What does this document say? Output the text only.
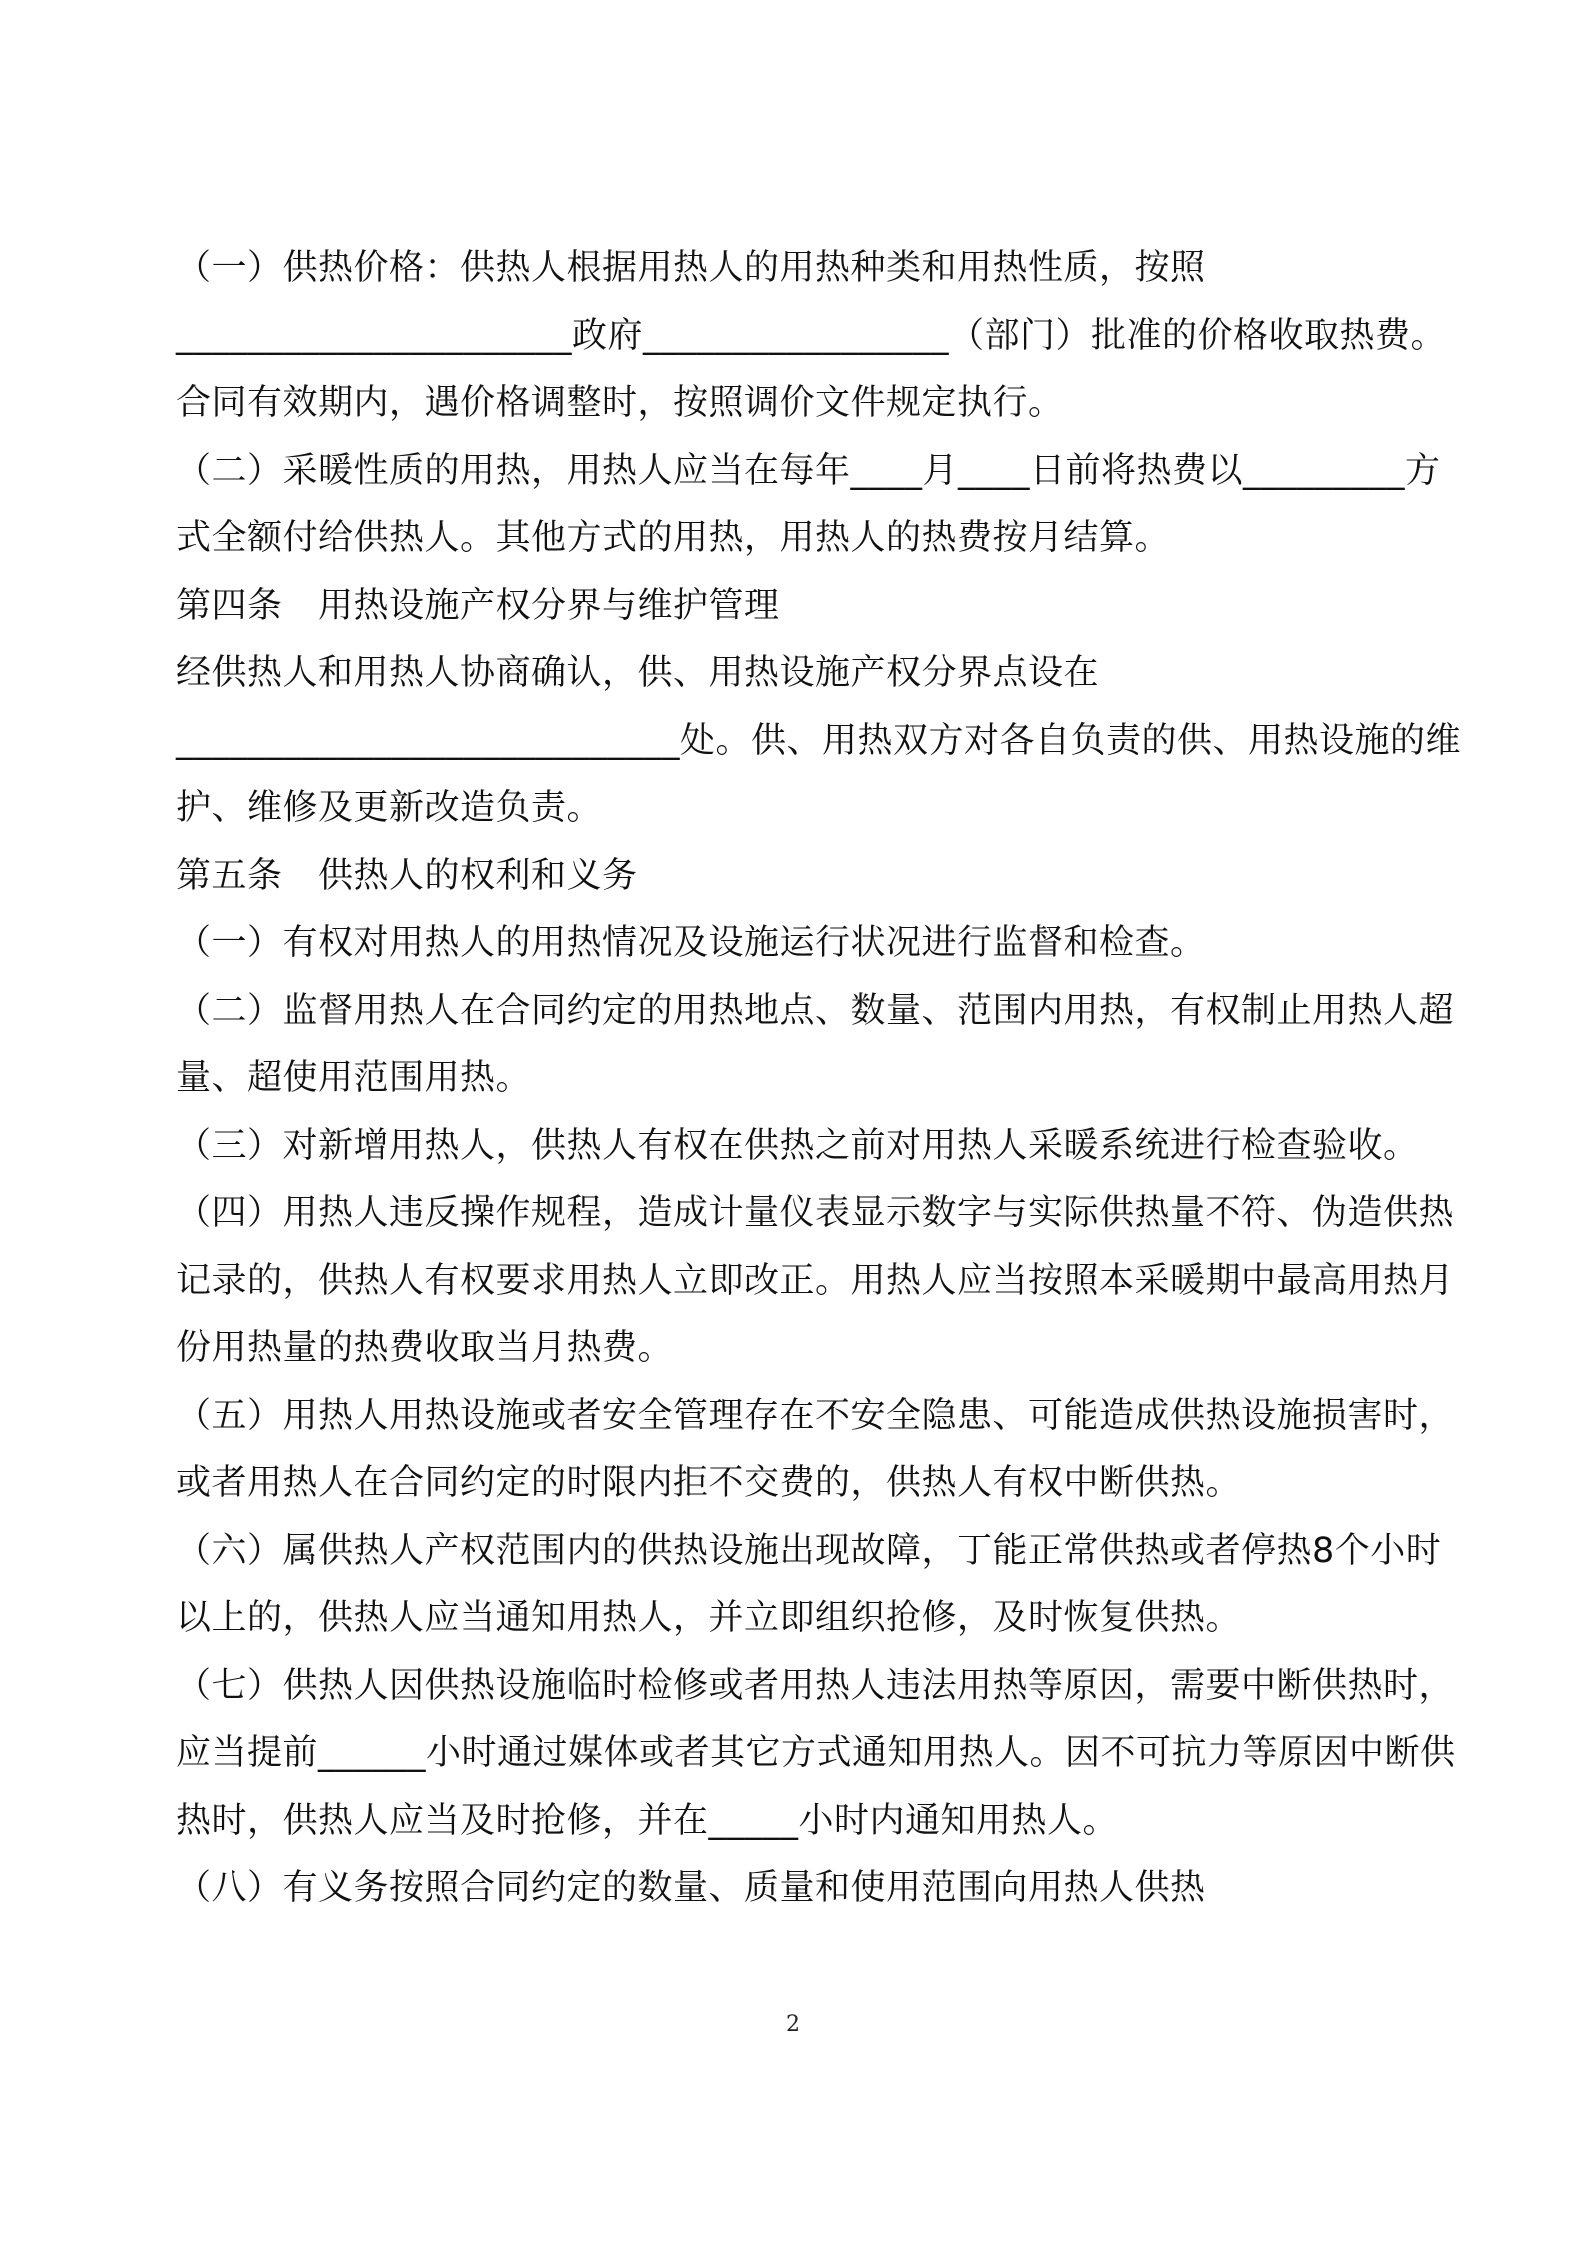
（一）供热价格：供热人根据用热人的用热种类和用热性质，按照______________________政府_________________（部门）批准的价格收取热费。

合同有效期内，遇价格调整时，按照调价文件规定执行。

（二）采暖性质的用热，用热人应当在每年____月____日前将热费以_________方式全额付给供热人。其他方式的用热，用热人的热费按月结算。

第四条　用热设施产权分界与维护管理

经供热人和用热人协商确认，供、用热设施产权分界点设在____________________________处。供、用热双方对各自负责的供、用热设施的维护、维修及更新改造负责。

第五条　供热人的权利和义务

（一）有权对用热人的用热情况及设施运行状况进行监督和检查。

（二）监督用热人在合同约定的用热地点、数量、范围内用热，有权制止用热人超量、超使用范围用热。

（三）对新增用热人，供热人有权在供热之前对用热人采暖系统进行检查验收。

（四）用热人违反操作规程，造成计量仪表显示数字与实际供热量不符、伪造供热记录的，供热人有权要求用热人立即改正。用热人应当按照本采暖期中最高用热月份用热量的热费收取当月热费。

（五）用热人用热设施或者安全管理存在不安全隐患、可能造成供热设施损害时，或者用热人在合同约定的时限内拒不交费的，供热人有权中断供热。

（六）属供热人产权范围内的供热设施出现故障，丁能正常供热或者停热8个小时以上的，供热人应当通知用热人，并立即组织抢修，及时恢复供热。

（七）供热人因供热设施临时检修或者用热人违法用热等原因，需要中断供热时，应当提前______小时通过媒体或者其它方式通知用热人。因不可抗力等原因中断供热时，供热人应当及时抢修，并在_____小时内通知用热人。

（八）有义务按照合同约定的数量、质量和使用范围向用热人供热

2
